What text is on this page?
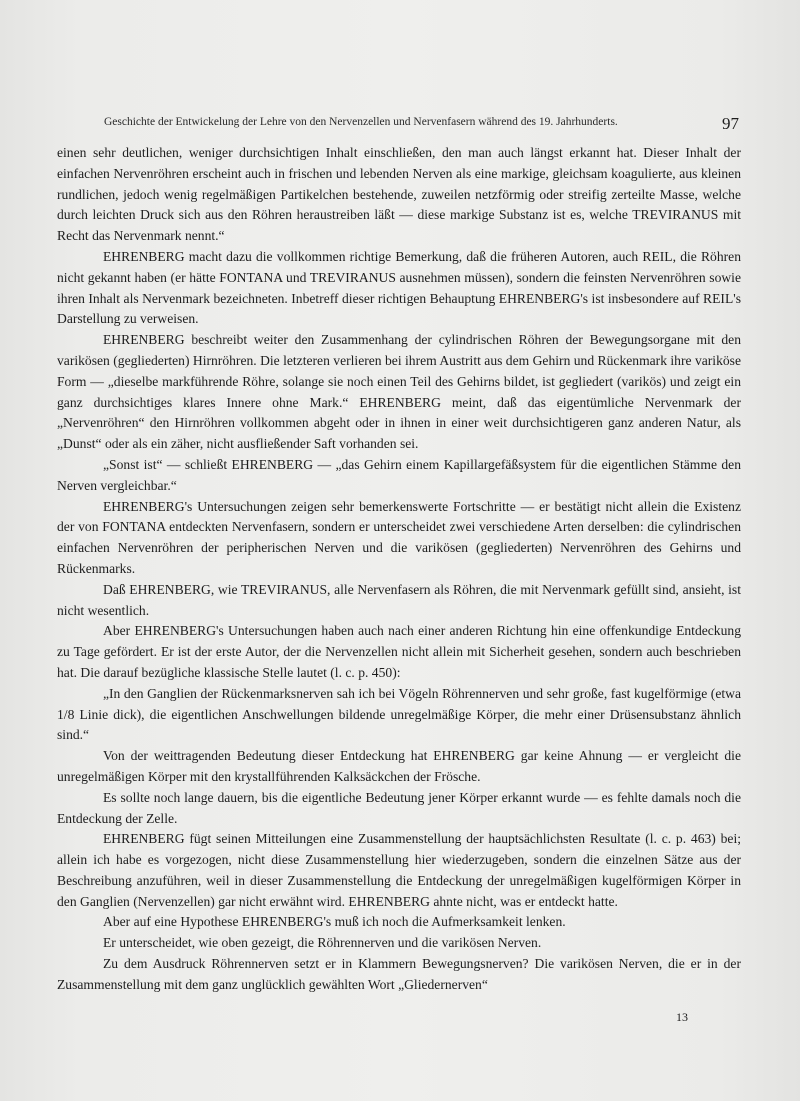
Geschichte der Entwickelung der Lehre von den Nervenzellen und Nervenfasern während des 19. Jahrhunderts.	97

einen sehr deutlichen, weniger durchsichtigen Inhalt einschließen, den man auch längst erkannt hat. Dieser Inhalt der einfachen Nervenröhren erscheint auch in frischen und lebenden Nerven als eine markige, gleichsam koagulierte, aus kleinen rundlichen, jedoch wenig regelmäßigen Partikelchen bestehende, zuweilen netzförmig oder streifig zerteilte Masse, welche durch leichten Druck sich aus den Röhren heraustreiben läßt — diese markige Substanz ist es, welche TREVIRANUS mit Recht das Nervenmark nennt.“

EHRENBERG macht dazu die vollkommen richtige Bemerkung, daß die früheren Autoren, auch REIL, die Röhren nicht gekannt haben (er hätte FONTANA und TREVIRANUS ausnehmen müssen), sondern die feinsten Nervenröhren sowie ihren Inhalt als Nervenmark bezeichneten. Inbetreff dieser richtigen Behauptung EHRENBERG's ist insbesondere auf REIL's Darstellung zu verweisen.

EHRENBERG beschreibt weiter den Zusammenhang der cylindrischen Röhren der Bewegungsorgane mit den varikösen (gegliederten) Hirnröhren. Die letzteren verlieren bei ihrem Austritt aus dem Gehirn und Rückenmark ihre variköse Form — „dieselbe markführende Röhre, solange sie noch einen Teil des Gehirns bildet, ist gegliedert (varikös) und zeigt ein ganz durchsichtiges klares Innere ohne Mark.“ EHRENBERG meint, daß das eigentümliche Nervenmark der „Nervenröhren“ den Hirnröhren vollkommen abgeht oder in ihnen in einer weit durchsichtigeren ganz anderen Natur, als „Dunst“ oder als ein zäher, nicht ausfließender Saft vorhanden sei.

„Sonst ist“ — schließt EHRENBERG — „das Gehirn einem Kapillargefäßsystem für die eigentlichen Stämme den Nerven vergleichbar.“

EHRENBERG's Untersuchungen zeigen sehr bemerkenswerte Fortschritte — er bestätigt nicht allein die Existenz der von FONTANA entdeckten Nervenfasern, sondern er unterscheidet zwei verschiedene Arten derselben: die cylindrischen einfachen Nervenröhren der peripherischen Nerven und die varikösen (gegliederten) Nervenröhren des Gehirns und Rückenmarks.

Daß EHRENBERG, wie TREVIRANUS, alle Nervenfasern als Röhren, die mit Nervenmark gefüllt sind, ansieht, ist nicht wesentlich.

Aber EHRENBERG's Untersuchungen haben auch nach einer anderen Richtung hin eine offenkundige Entdeckung zu Tage gefördert. Er ist der erste Autor, der die Nervenzellen nicht allein mit Sicherheit gesehen, sondern auch beschrieben hat. Die darauf bezügliche klassische Stelle lautet (l. c. p. 450):

„In den Ganglien der Rückenmarksnerven sah ich bei Vögeln Röhrennerven und sehr große, fast kugelförmige (etwa 1/8 Linie dick), die eigentlichen Anschwellungen bildende unregelmäßige Körper, die mehr einer Drüsensubstanz ähnlich sind.“

Von der weittragenden Bedeutung dieser Entdeckung hat EHRENBERG gar keine Ahnung — er vergleicht die unregelmäßigen Körper mit den krystallführenden Kalksäckchen der Frösche.

Es sollte noch lange dauern, bis die eigentliche Bedeutung jener Körper erkannt wurde — es fehlte damals noch die Entdeckung der Zelle.

EHRENBERG fügt seinen Mitteilungen eine Zusammenstellung der hauptsächlichsten Resultate (l. c. p. 463) bei; allein ich habe es vorgezogen, nicht diese Zusammenstellung hier wiederzugeben, sondern die einzelnen Sätze aus der Beschreibung anzuführen, weil in dieser Zusammenstellung die Entdeckung der unregelmäßigen kugelförmigen Körper in den Ganglien (Nervenzellen) gar nicht erwähnt wird. EHRENBERG ahnte nicht, was er entdeckt hatte.

Aber auf eine Hypothese EHRENBERG's muß ich noch die Aufmerksamkeit lenken.

Er unterscheidet, wie oben gezeigt, die Röhrennerven und die varikösen Nerven.

Zu dem Ausdruck Röhrennerven setzt er in Klammern Bewegungsnerven? Die varikösen Nerven, die er in der Zusammenstellung mit dem ganz unglücklich gewählten Wort „Gliedernerven“

13
